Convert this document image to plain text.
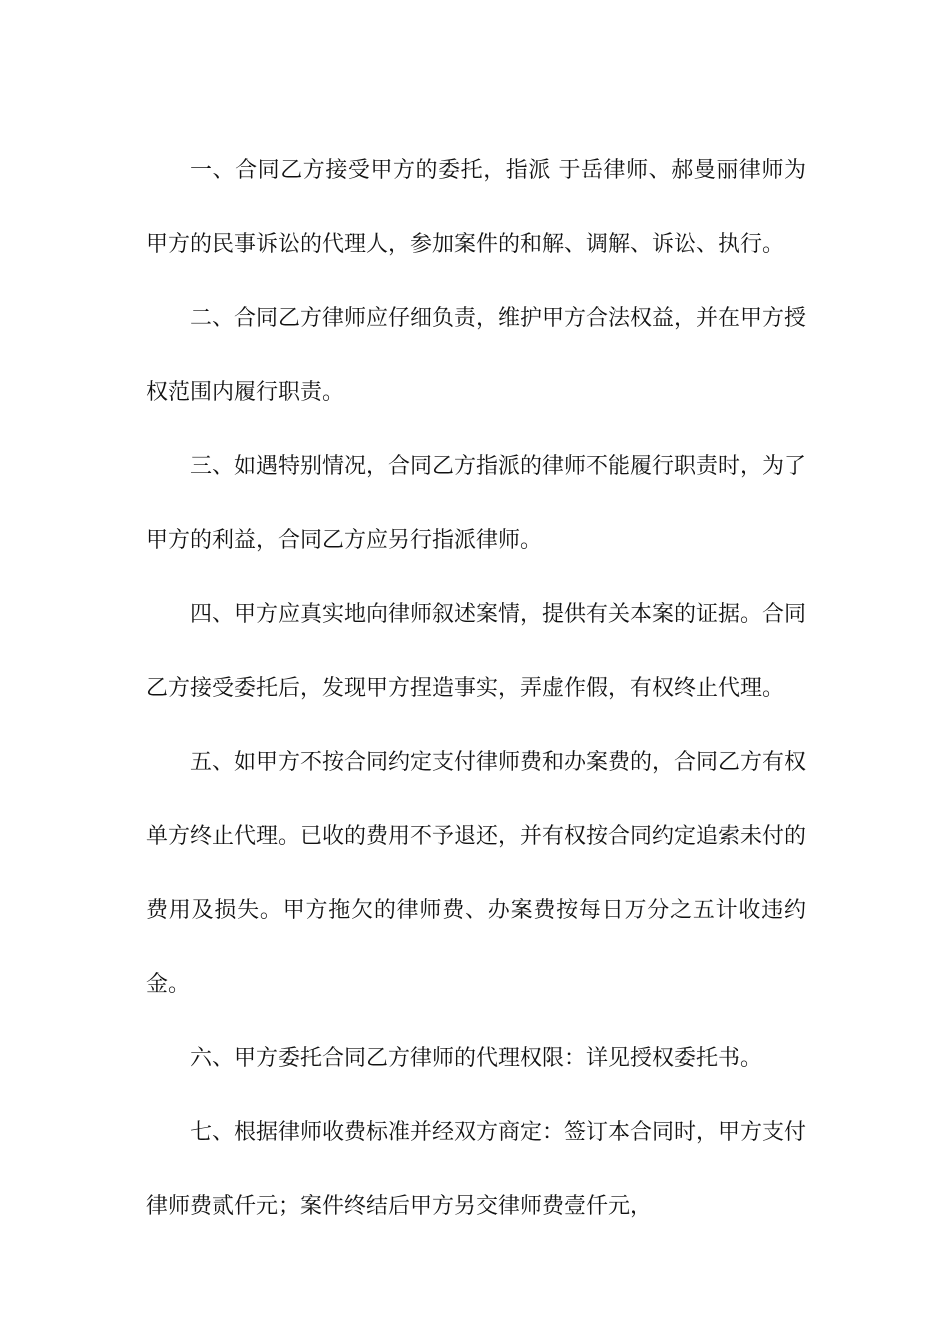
一、合同乙方接受甲方的委托，指派 于岳律师、郝曼丽律师为甲方的民事诉讼的代理人，参加案件的和解、调解、诉讼、执行。

二、合同乙方律师应仔细负责，维护甲方合法权益，并在甲方授权范围内履行职责。

三、如遇特别情况，合同乙方指派的律师不能履行职责时，为了甲方的利益，合同乙方应另行指派律师。

四、甲方应真实地向律师叙述案情，提供有关本案的证据。合同乙方接受委托后，发现甲方捏造事实，弄虚作假，有权终止代理。

五、如甲方不按合同约定支付律师费和办案费的，合同乙方有权单方终止代理。已收的费用不予退还，并有权按合同约定追索未付的费用及损失。甲方拖欠的律师费、办案费按每日万分之五计收违约金。

六、甲方委托合同乙方律师的代理权限：详见授权委托书。

七、根据律师收费标准并经双方商定：签订本合同时，甲方支付律师费贰仟元；案件终结后甲方另交律师费壹仟元，
